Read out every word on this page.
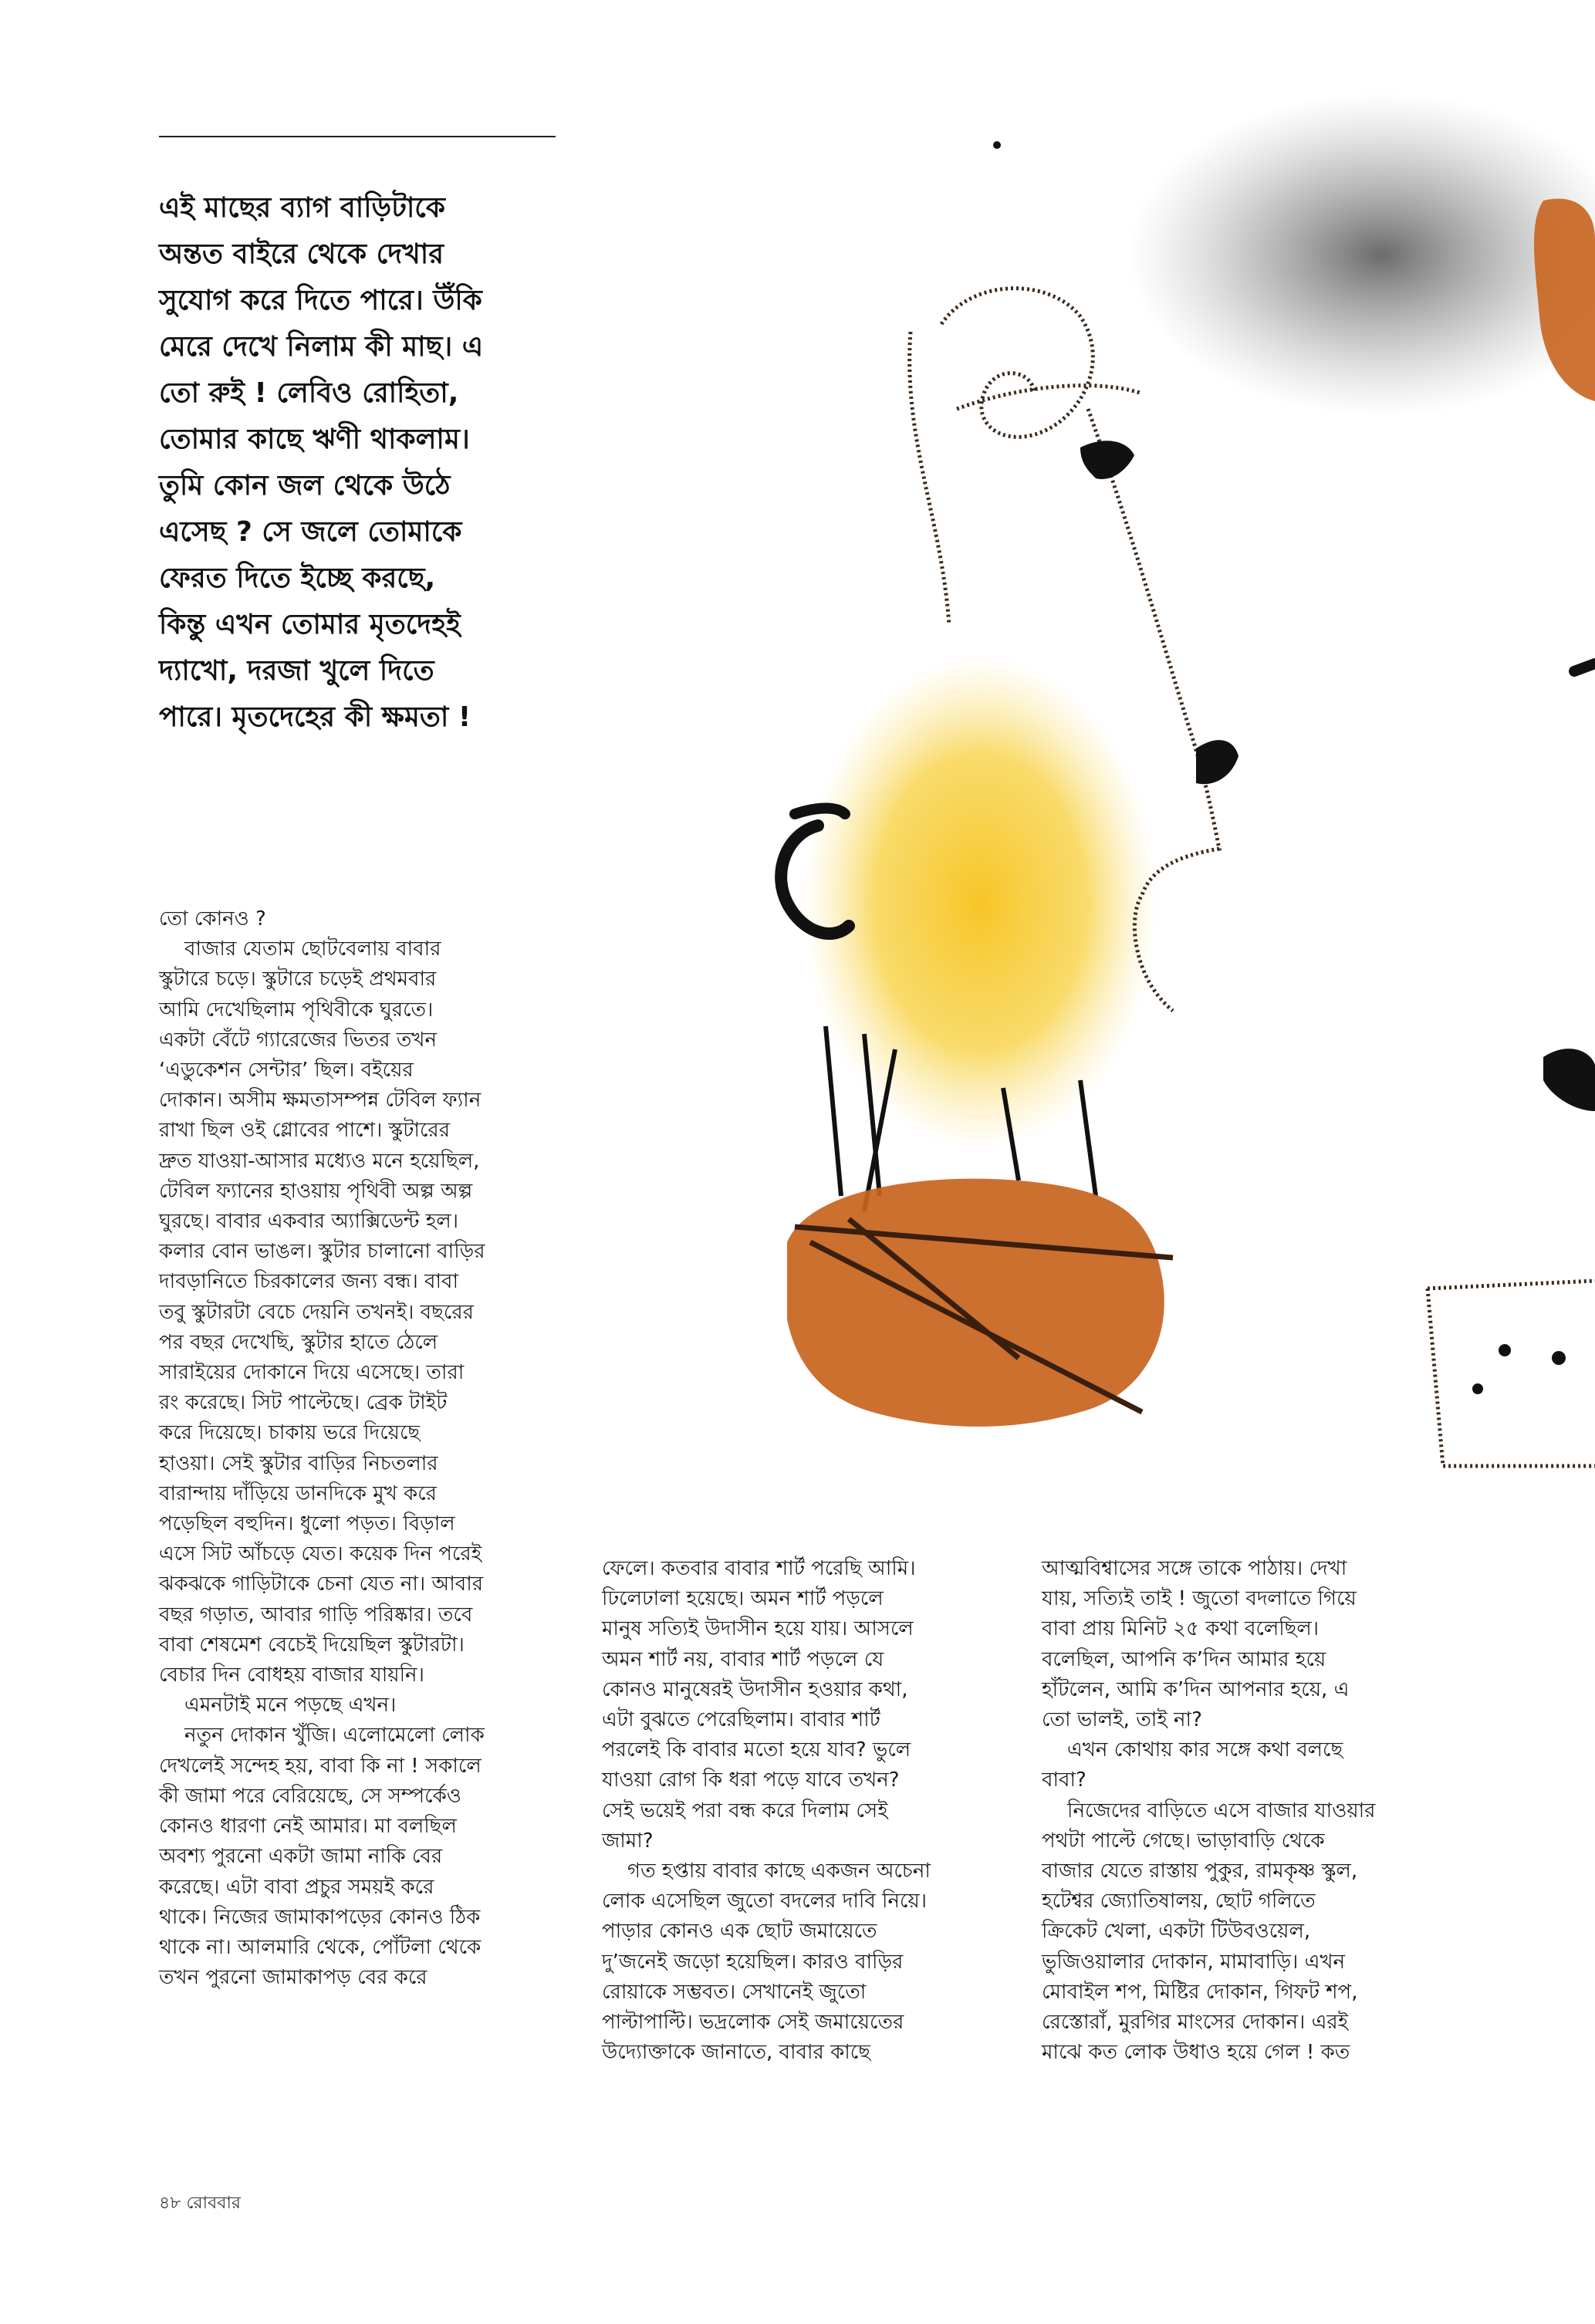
এই মাছের ব্যাগ বাড়িটাকে
অন্তত বাইরে থেকে দেখার
সুযোগ করে দিতে পারে। উঁকি
মেরে দেখে নিলাম কী মাছ। এ
তো রুই ! লেবিও রোহিতা,
তোমার কাছে ঋণী থাকলাম।
তুমি কোন জল থেকে উঠে
এসেছ ? সে জলে তোমাকে
ফেরত দিতে ইচ্ছে করছে,
কিন্তু এখন তোমার মৃতদেহই
দ্যাখো, দরজা খুলে দিতে
পারে। মৃতদেহের কী ক্ষমতা !
তো কোনও ?
বাজার যেতাম ছোটবেলায় বাবার
স্কুটারে চড়ে। স্কুটারে চড়েই প্রথমবার
আমি দেখেছিলাম পৃথিবীকে ঘুরতে।
একটা বেঁটে গ্যারেজের ভিতর তখন
‘এডুকেশন সেন্টার’ ছিল। বইয়ের
দোকান। অসীম ক্ষমতাসম্পন্ন টেবিল ফ্যান
রাখা ছিল ওই গ্লোবের পাশে। স্কুটারের
দ্রুত যাওয়া-আসার মধ্যেও মনে হয়েছিল,
টেবিল ফ্যানের হাওয়ায় পৃথিবী অল্প অল্প
ঘুরছে। বাবার একবার অ্যাক্সিডেন্ট হল।
কলার বোন ভাঙল। স্কুটার চালানো বাড়ির
দাবড়ানিতে চিরকালের জন্য বন্ধ। বাবা
তবু স্কুটারটা বেচে দেয়নি তখনই। বছরের
পর বছর দেখেছি, স্কুটার হাতে ঠেলে
সারাইয়ের দোকানে দিয়ে এসেছে। তারা
রং করেছে। সিট পাল্টেছে। ব্রেক টাইট
করে দিয়েছে। চাকায় ভরে দিয়েছে
হাওয়া। সেই স্কুটার বাড়ির নিচতলার
বারান্দায় দাঁড়িয়ে ডানদিকে মুখ করে
পড়েছিল বহুদিন। ধুলো পড়ত। বিড়াল
এসে সিট আঁচড়ে যেত। কয়েক দিন পরেই
ঝকঝকে গাড়িটাকে চেনা যেত না। আবার
বছর গড়াত, আবার গাড়ি পরিষ্কার। তবে
বাবা শেষমেশ বেচেই দিয়েছিল স্কুটারটা।
বেচার দিন বোধহয় বাজার যায়নি।
এমনটাই মনে পড়ছে এখন।
নতুন দোকান খুঁজি। এলোমেলো লোক
দেখলেই সন্দেহ হয়, বাবা কি না ! সকালে
কী জামা পরে বেরিয়েছে, সে সম্পর্কেও
কোনও ধারণা নেই আমার। মা বলছিল
অবশ্য পুরনো একটা জামা নাকি বের
করেছে। এটা বাবা প্রচুর সময়ই করে
থাকে। নিজের জামাকাপড়ের কোনও ঠিক
থাকে না। আলমারি থেকে, পোঁটলা থেকে
তখন পুরনো জামাকাপড় বের করে
ফেলে। কতবার বাবার শার্ট পরেছি আমি।
ঢিলেঢালা হয়েছে। অমন শার্ট পড়লে
মানুষ সত্যিই উদাসীন হয়ে যায়। আসলে
অমন শার্ট নয়, বাবার শার্ট পড়লে যে
কোনও মানুষেরই উদাসীন হওয়ার কথা,
এটা বুঝতে পেরেছিলাম। বাবার শার্ট
পরলেই কি বাবার মতো হয়ে যাব? ভুলে
যাওয়া রোগ কি ধরা পড়ে যাবে তখন?
সেই ভয়েই পরা বন্ধ করে দিলাম সেই
জামা?
গত হপ্তায় বাবার কাছে একজন অচেনা
লোক এসেছিল জুতো বদলের দাবি নিয়ে।
পাড়ার কোনও এক ছোট জমায়েতে
দু’জনেই জড়ো হয়েছিল। কারও বাড়ির
রোয়াকে সম্ভবত। সেখানেই জুতো
পাল্টাপাল্টি। ভদ্রলোক সেই জমায়েতের
উদ্যোক্তাকে জানাতে, বাবার কাছে
আত্মবিশ্বাসের সঙ্গে তাকে পাঠায়। দেখা
যায়, সত্যিই তাই ! জুতো বদলাতে গিয়ে
বাবা প্রায় মিনিট ২৫ কথা বলেছিল।
বলেছিল, আপনি ক’দিন আমার হয়ে
হাঁটলেন, আমি ক’দিন আপনার হয়ে, এ
তো ভালই, তাই না?
এখন কোথায় কার সঙ্গে কথা বলছে
বাবা?
নিজেদের বাড়িতে এসে বাজার যাওয়ার
পথটা পাল্টে গেছে। ভাড়াবাড়ি থেকে
বাজার যেতে রাস্তায় পুকুর, রামকৃষ্ণ স্কুল,
হটেশ্বর জ্যোতিষালয়, ছোট গলিতে
ক্রিকেট খেলা, একটা টিউবওয়েল,
ভুজিওয়ালার দোকান, মামাবাড়ি। এখন
মোবাইল শপ, মিষ্টির দোকান, গিফট শপ,
রেস্তোরাঁ, মুরগির মাংসের দোকান। এরই
মাঝে কত লোক উধাও হয়ে গেল ! কত
৪৮ রোববার
